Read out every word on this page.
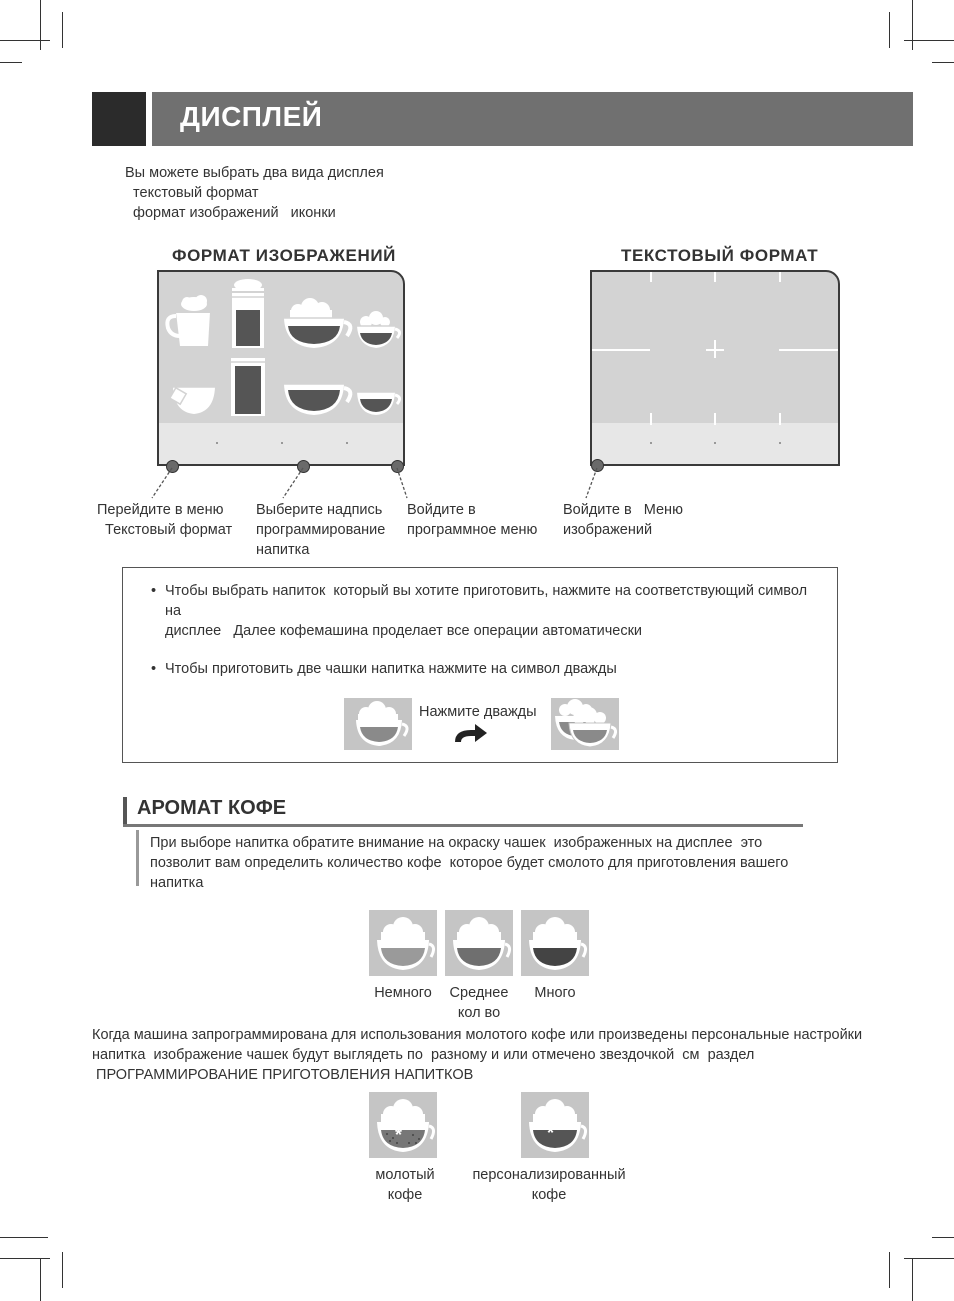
ДИСПЛЕЙ
Вы можете выбрать два вида дисплея
текстовый формат
формат изображений   иконки
ФОРМАТ ИЗОБРАЖЕНИЙ	ТЕКСТОВЫЙ ФОРМАТ
Перейдите в меню
Текстовый формат
Выберите надпись
программирование
напитка
Войдите в
программное меню
Войдите в   Меню
изображений
• Чтобы выбрать напиток  который вы хотите приготовить, нажмите на соответствующий символ на
дисплее   Далее кофемашина проделает все операции автоматически
• Чтобы приготовить две чашки напитка нажмите на символ дважды
Нажмите дважды
АРОМАТ КОФЕ
При выборе напитка обратите внимание на окраску чашек  изображенных на дисплее  это
позволит вам определить количество кофе  которое будет смолото для приготовления вашего
напитка
Немного	Среднее
кол во
Много
Когда машина запрограммирована для использования молотого кофе или произведены персональные настройки
напитка  изображение чашек будут выглядеть по  разному и или отмечено звездочкой  см  раздел
ПРОГРАММИРОВАНИЕ ПРИГОТОВЛЕНИЯ НАПИТКОВ
*	*
молотый
кофе
персонализированный
кофе
